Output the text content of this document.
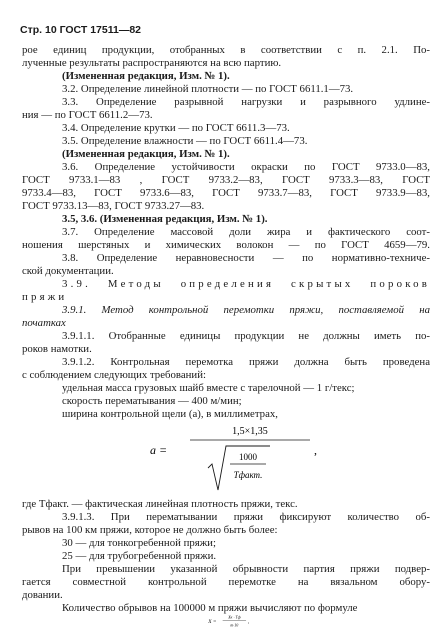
Стр. 10 ГОСТ 17511—82
рое единиц продукции, отобранных в соответствии с п. 2.1. По-
лученные результаты распространяются на всю партию.
(Измененная редакция, Изм. № 1).
3.2. Определение линейной плотности — по ГОСТ 6611.1—73.
3.3. Определение разрывной нагрузки и разрывного удлине-
ния — по ГОСТ 6611.2—73.
3.4. Определение крутки — по ГОСТ 6611.3—73.
3.5. Определение влажности — по ГОСТ 6611.4—73.
(Измененная редакция, Изм. № 1).
3.6. Определение устойчивости окраски по ГОСТ 9733.0—83,
ГОСТ 9733.1—83 , ГОСТ 9733.2—83, ГОСТ 9733.3—83, ГОСТ
9733.4—83, ГОСТ 9733.6—83, ГОСТ 9733.7—83, ГОСТ 9733.9—83,
ГОСТ 9733.13—83, ГОСТ 9733.27—83.
3.5, 3.6. (Измененная редакция, Изм. № 1).
3.7. Определение массовой доли жира и фактического соот-
ношения шерстяных и химических волокон — по ГОСТ 4659—79.
3.8. Определение неравновесности — по нормативно-техниче-
ской документации.
3.9. Методы определения скрытых пороков
пряжи
3.9.1. Метод контрольной перемотки пряжи, поставляемой на
початках
3.9.1.1. Отобранные единицы продукции не должны иметь по-
роков намотки.
3.9.1.2. Контрольная перемотка пряжи должна быть проведена
с соблюдением следующих требований:
удельная масса грузовых шайб вместе с тарелочной — 1 г/текс;
скорость перематывания — 400 м/мин;
ширина контрольной щели (a), в миллиметрах,
a =
1,5×1,35
1000
Tфакт.
,
где Tфакт. — фактическая линейная плотность пряжи, текс.
3.9.1.3. При перематывании пряжи фиксируют количество об-
рывов на 100 км пряжи, которое не должно быть более:
30 — для тонкогребенной пряжи;
25 — для трубогребенной пряжи.
При превышении указанной обрывности партия пряжи подвер-
гается совместной контрольной перемотке на вязальном обору-
довании.
Количество обрывов на 100000 м пряжи вычисляют по формуле
X =
Xк · Tф
m·10
,
